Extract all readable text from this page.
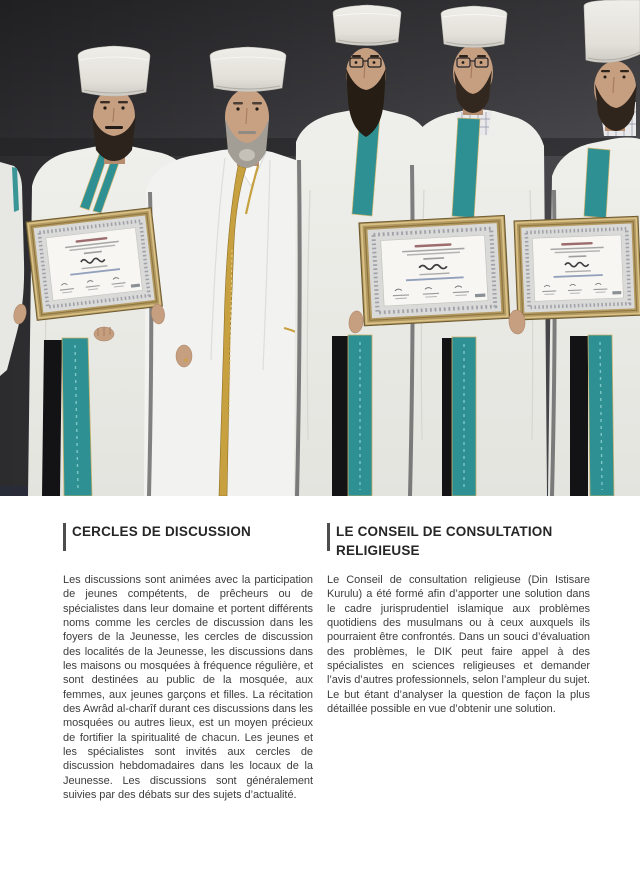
CERCLES DE DISCUSSION

Les discussions sont animées avec la participation de jeunes compétents, de prêcheurs ou de spécialistes dans leur domaine et portent différents noms comme les cercles de discussion dans les foyers de la Jeunesse, les cercles de discussion des localités de la Jeunesse, les discussions dans les maisons ou mosquées à fréquence régulière, et sont destinées au public de la mosquée, aux femmes, aux jeunes garçons et filles. La récitation des Awrâd al-charîf durant ces discussions dans les mosquées ou autres lieux, est un moyen précieux de fortifier la spiritualité de chacun. Les jeunes et les spécialistes sont invités aux cercles de discussion hebdomadaires dans les locaux de la Jeunesse. Les discussions sont généralement suivies par des débats sur des sujets d’actualité.

LE CONSEIL DE CONSULTATION RELIGIEUSE

Le Conseil de consultation religieuse (Din Istisare Kurulu) a été formé afin d’apporter une solution dans le cadre jurisprudentiel islamique aux problèmes quotidiens des musulmans ou à ceux auxquels ils pourraient être confrontés. Dans un souci d’évaluation des problèmes, le DIK peut faire appel à des spécialistes en sciences religieuses et demander l’avis d’autres professionnels, selon l’ampleur du sujet. Le but étant d’analyser la question de façon la plus détaillée possible en vue d’obtenir une solution.
